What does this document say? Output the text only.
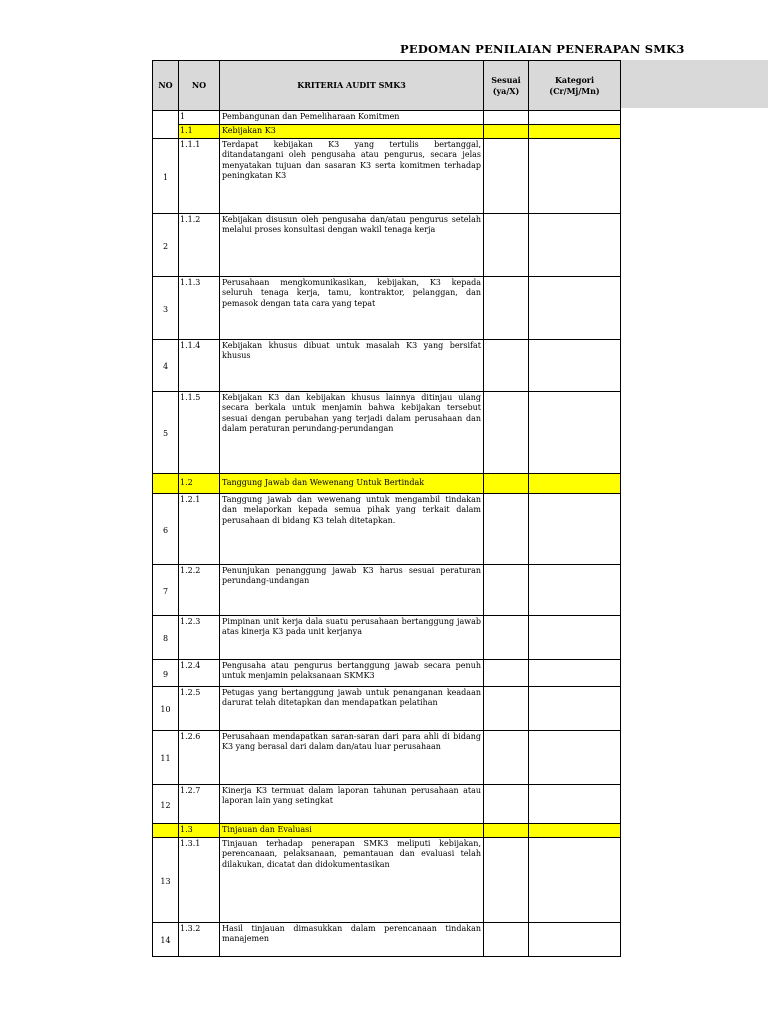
PEDOMAN PENILAIAN PENERAPAN SMK3
NO	NO	KRITERIA AUDIT SMK3	Sesuai (ya/X)	Kategori (Cr/Mj/Mn)
	1	Pembangunan dan Pemeliharaan Komitmen		
	1.1	Kebijakan K3		
1	1.1.1	Terdapat kebijakan K3 yang tertulis bertanggal, ditandatangani oleh pengusaha atau pengurus, secara jelas menyatakan tujuan dan sasaran K3 serta komitmen terhadap peningkatan K3		
2	1.1.2	Kebijakan disusun oleh pengusaha dan/atau pengurus setelah melalui proses konsultasi dengan wakil tenaga kerja		
3	1.1.3	Perusahaan mengkomunikasikan, kebijakan, K3 kepada seluruh tenaga kerja, tamu, kontraktor, pelanggan, dan pemasok dengan tata cara yang tepat		
4	1.1.4	Kebijakan khusus dibuat untuk masalah K3 yang bersifat khusus		
5	1.1.5	Kebijakan K3 dan kebijakan khusus lainnya ditinjau ulang secara berkala untuk menjamin bahwa kebijakan tersebut sesuai dengan perubahan yang terjadi dalam perusahaan dan dalam peraturan perundang-perundangan		
	1.2	Tanggung Jawab dan Wewenang Untuk Bertindak		
6	1.2.1	Tanggung jawab dan wewenang untuk mengambil tindakan dan melaporkan kepada semua pihak yang terkait dalam perusahaan di bidang K3 telah ditetapkan.		
7	1.2.2	Penunjukan penanggung jawab K3 harus sesuai peraturan perundang-undangan		
8	1.2.3	Pimpinan unit kerja dala suatu perusahaan bertanggung jawab atas kinerja K3 pada unit kerjanya		
9	1.2.4	Pengusaha atau pengurus bertanggung jawab secara penuh untuk menjamin pelaksanaan SKMK3		
10	1.2.5	Petugas yang bertanggung jawab untuk penanganan keadaan darurat telah ditetapkan dan mendapatkan pelatihan		
11	1.2.6	Perusahaan mendapatkan saran-saran dari para ahli di bidang K3 yang berasal dari dalam dan/atau luar perusahaan		
12	1.2.7	Kinerja K3 termuat dalam laporan tahunan perusahaan atau laporan lain yang setingkat		
	1.3	Tinjauan dan Evaluasi		
13	1.3.1	Tinjauan terhadap penerapan SMK3 meliputi kebijakan, perencanaan, pelaksanaan, pemantauan dan evaluasi telah dilakukan, dicatat dan didokumentasikan		
14	1.3.2	Hasil tinjauan dimasukkan dalam perencanaan tindakan manajemen		
